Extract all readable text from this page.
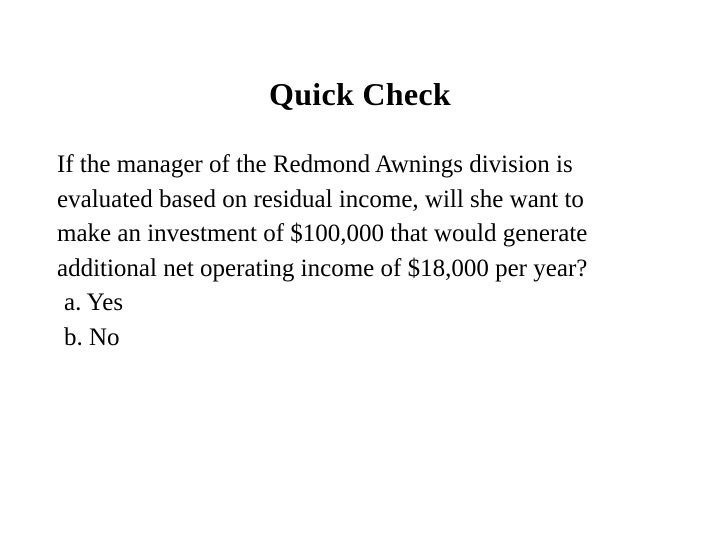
Quick Check
If the manager of the Redmond Awnings division is
evaluated based on residual income, will she want to
make an investment of $100,000 that would generate
additional net operating income of $18,000 per year?
a. Yes
b. No
